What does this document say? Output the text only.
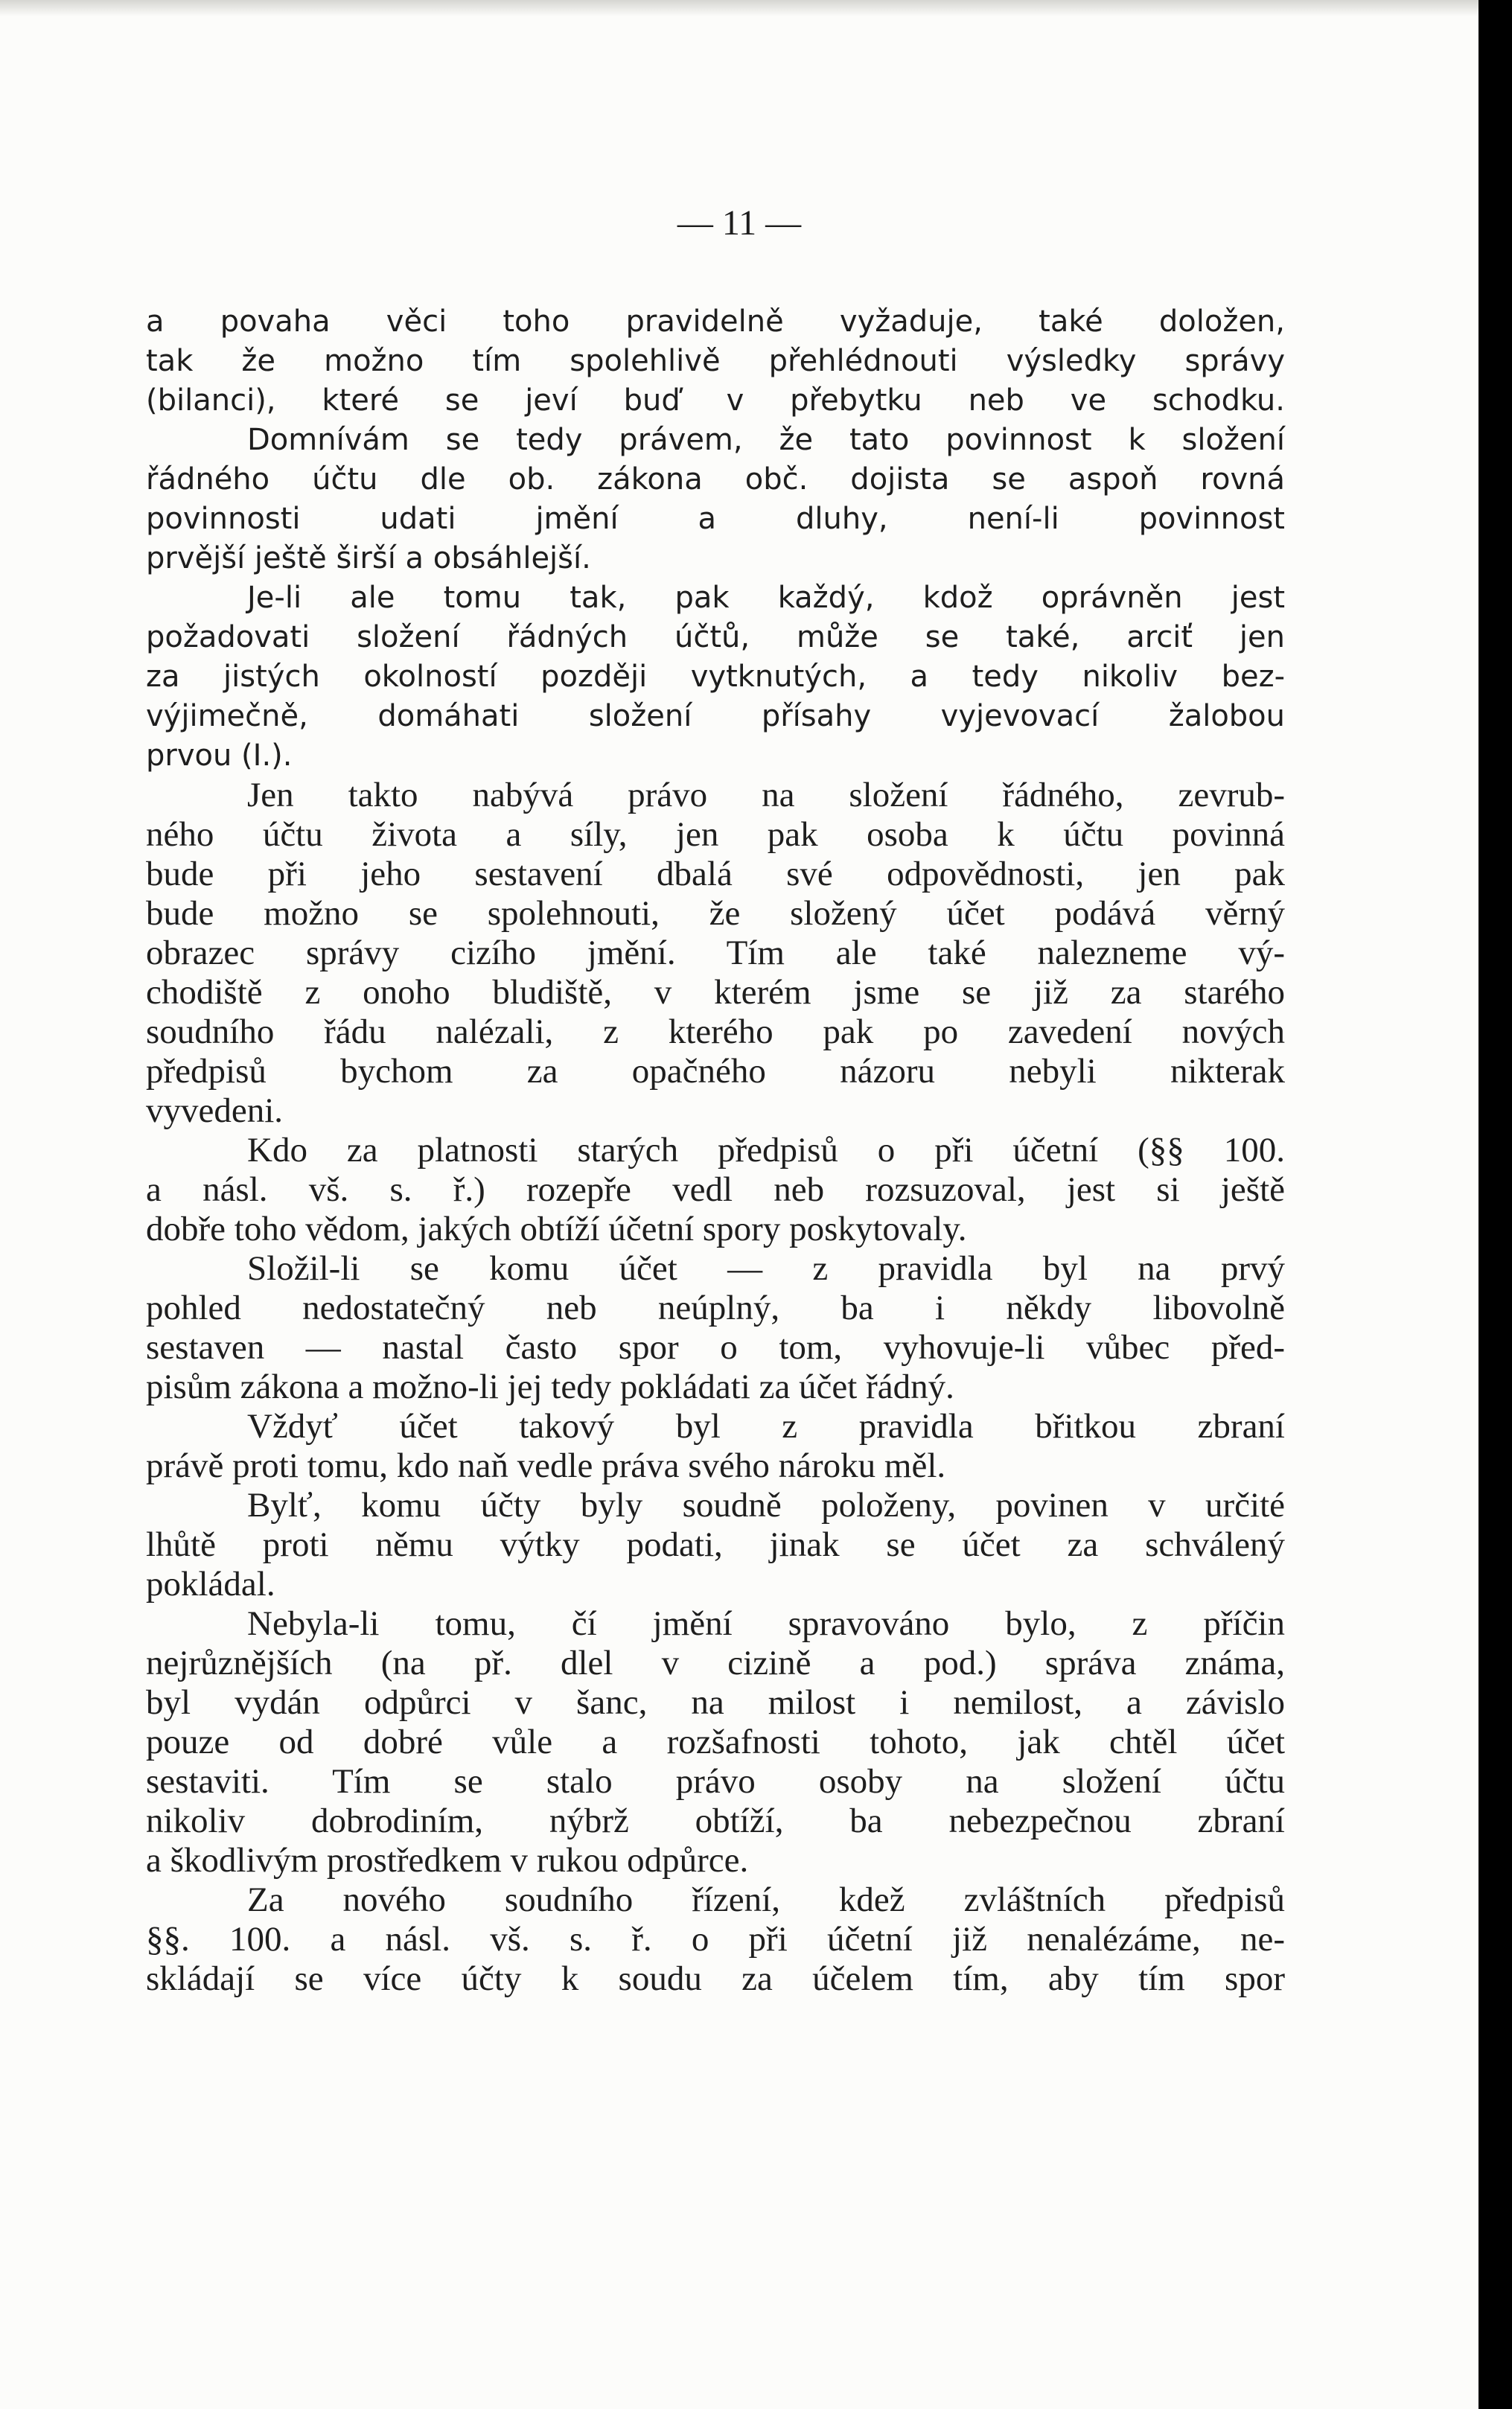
— 11 —
a povaha věci toho pravidelně vyžaduje, také doložen,
tak že možno tím spolehlivě přehlédnouti výsledky správy
(bilanci), které se jeví buď v přebytku neb ve schodku.
Domnívám se tedy právem, že tato povinnost k složení
řádného účtu dle ob. zákona obč. dojista se aspoň rovná
povinnosti udati jmění a dluhy, není-li povinnost
prvější ještě širší a obsáhlejší.
Je-li ale tomu tak, pak každý, kdož oprávněn jest
požadovati složení řádných účtů, může se také, arciť jen
za jistých okolností později vytknutých, a tedy nikoliv bez-
výjimečně, domáhati složení přísahy vyjevovací žalobou
prvou (I.).
Jen takto nabývá právo na složení řádného, zevrub-
ného účtu života a síly, jen pak osoba k účtu povinná
bude při jeho sestavení dbalá své odpovědnosti, jen pak
bude možno se spolehnouti, že složený účet podává věrný
obrazec správy cizího jmění. Tím ale také nalezneme vý-
chodiště z onoho bludiště, v kterém jsme se již za starého
soudního řádu nalézali, z kterého pak po zavedení nových
předpisů bychom za opačného názoru nebyli nikterak
vyvedeni.
Kdo za platnosti starých předpisů o při účetní (§§ 100.
a násl. vš. s. ř.) rozepře vedl neb rozsuzoval, jest si ještě
dobře toho vědom, jakých obtíží účetní spory poskytovaly.
Složil-li se komu účet — z pravidla byl na prvý
pohled nedostatečný neb neúplný, ba i někdy libovolně
sestaven — nastal často spor o tom, vyhovuje-li vůbec před-
pisům zákona a možno-li jej tedy pokládati za účet řádný.
Vždyť účet takový byl z pravidla břitkou zbraní
právě proti tomu, kdo naň vedle práva svého nároku měl.
Bylť, komu účty byly soudně položeny, povinen v určité
lhůtě proti němu výtky podati, jinak se účet za schválený
pokládal.
Nebyla-li tomu, čí jmění spravováno bylo, z příčin
nejrůznějších (na př. dlel v cizině a pod.) správa známa,
byl vydán odpůrci v šanc, na milost i nemilost, a závislo
pouze od dobré vůle a rozšafnosti tohoto, jak chtěl účet
sestaviti. Tím se stalo právo osoby na složení účtu
nikoliv dobrodiním, nýbrž obtíží, ba nebezpečnou zbraní
a škodlivým prostředkem v rukou odpůrce.
Za nového soudního řízení, kdež zvláštních předpisů
§§. 100. a násl. vš. s. ř. o při účetní již nenalézáme, ne-
skládají se více účty k soudu za účelem tím, aby tím spor
